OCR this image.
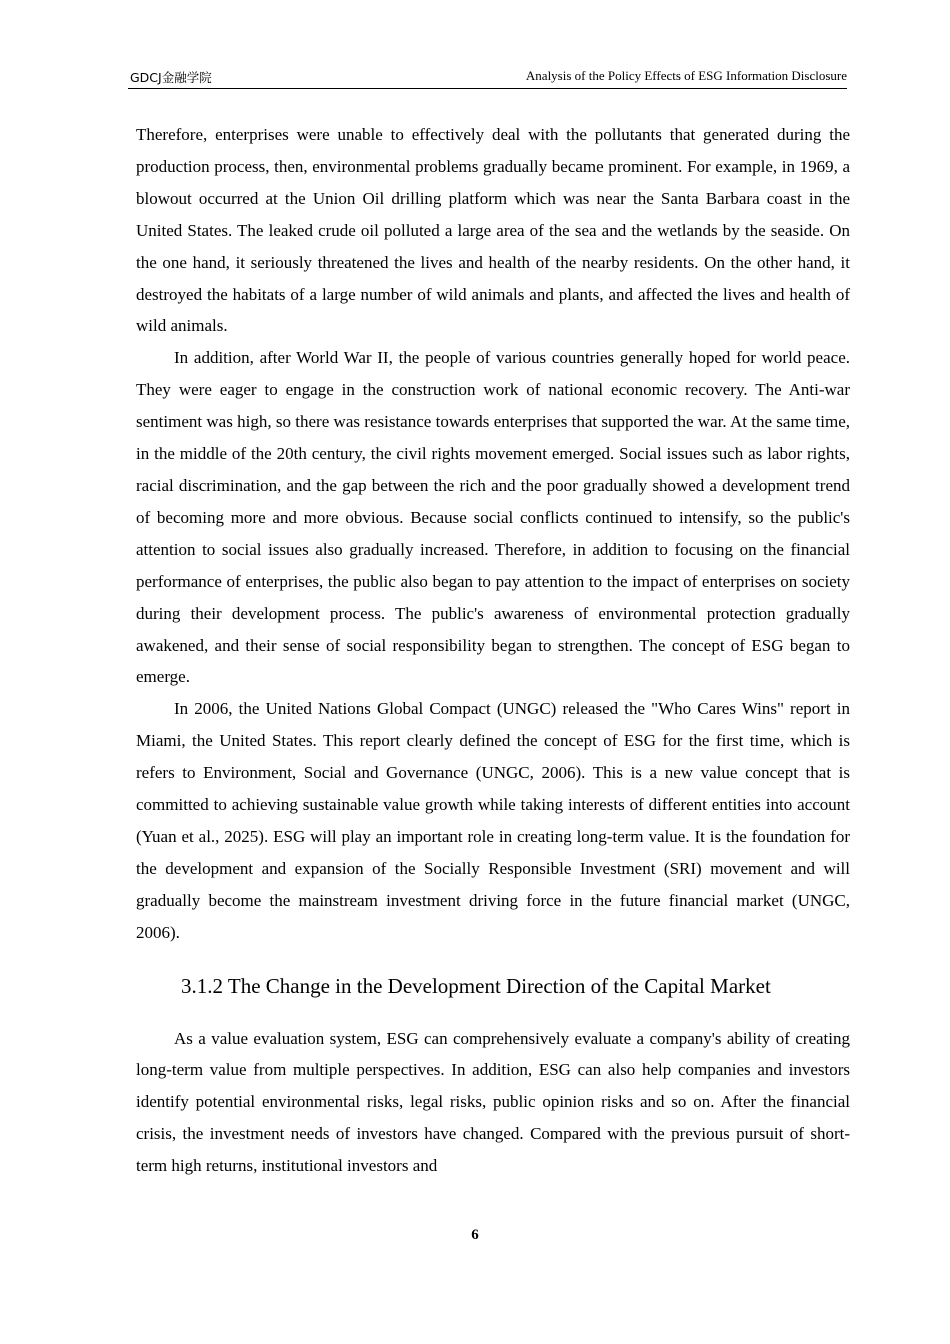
GDCJ金融学院	Analysis of the Policy Effects of ESG Information Disclosure

Therefore, enterprises were unable to effectively deal with the pollutants that generated during the production process, then, environmental problems gradually became prominent. For example, in 1969, a blowout occurred at the Union Oil drilling platform which was near the Santa Barbara coast in the United States. The leaked crude oil polluted a large area of the sea and the wetlands by the seaside. On the one hand, it seriously threatened the lives and health of the nearby residents. On the other hand, it destroyed the habitats of a large number of wild animals and plants, and affected the lives and health of wild animals.

In addition, after World War II, the people of various countries generally hoped for world peace. They were eager to engage in the construction work of national economic recovery. The Anti-war sentiment was high, so there was resistance towards enterprises that supported the war. At the same time, in the middle of the 20th century, the civil rights movement emerged. Social issues such as labor rights, racial discrimination, and the gap between the rich and the poor gradually showed a development trend of becoming more and more obvious. Because social conflicts continued to intensify, so the public's attention to social issues also gradually increased. Therefore, in addition to focusing on the financial performance of enterprises, the public also began to pay attention to the impact of enterprises on society during their development process. The public's awareness of environmental protection gradually awakened, and their sense of social responsibility began to strengthen. The concept of ESG began to emerge.

In 2006, the United Nations Global Compact (UNGC) released the "Who Cares Wins" report in Miami, the United States. This report clearly defined the concept of ESG for the first time, which is refers to Environment, Social and Governance (UNGC, 2006). This is a new value concept that is committed to achieving sustainable value growth while taking interests of different entities into account (Yuan et al., 2025). ESG will play an important role in creating long-term value. It is the foundation for the development and expansion of the Socially Responsible Investment (SRI) movement and will gradually become the mainstream investment driving force in the future financial market (UNGC, 2006).

3.1.2 The Change in the Development Direction of the Capital Market

As a value evaluation system, ESG can comprehensively evaluate a company's ability of creating long-term value from multiple perspectives. In addition, ESG can also help companies and investors identify potential environmental risks, legal risks, public opinion risks and so on. After the financial crisis, the investment needs of investors have changed. Compared with the previous pursuit of short-term high returns, institutional investors and

6
